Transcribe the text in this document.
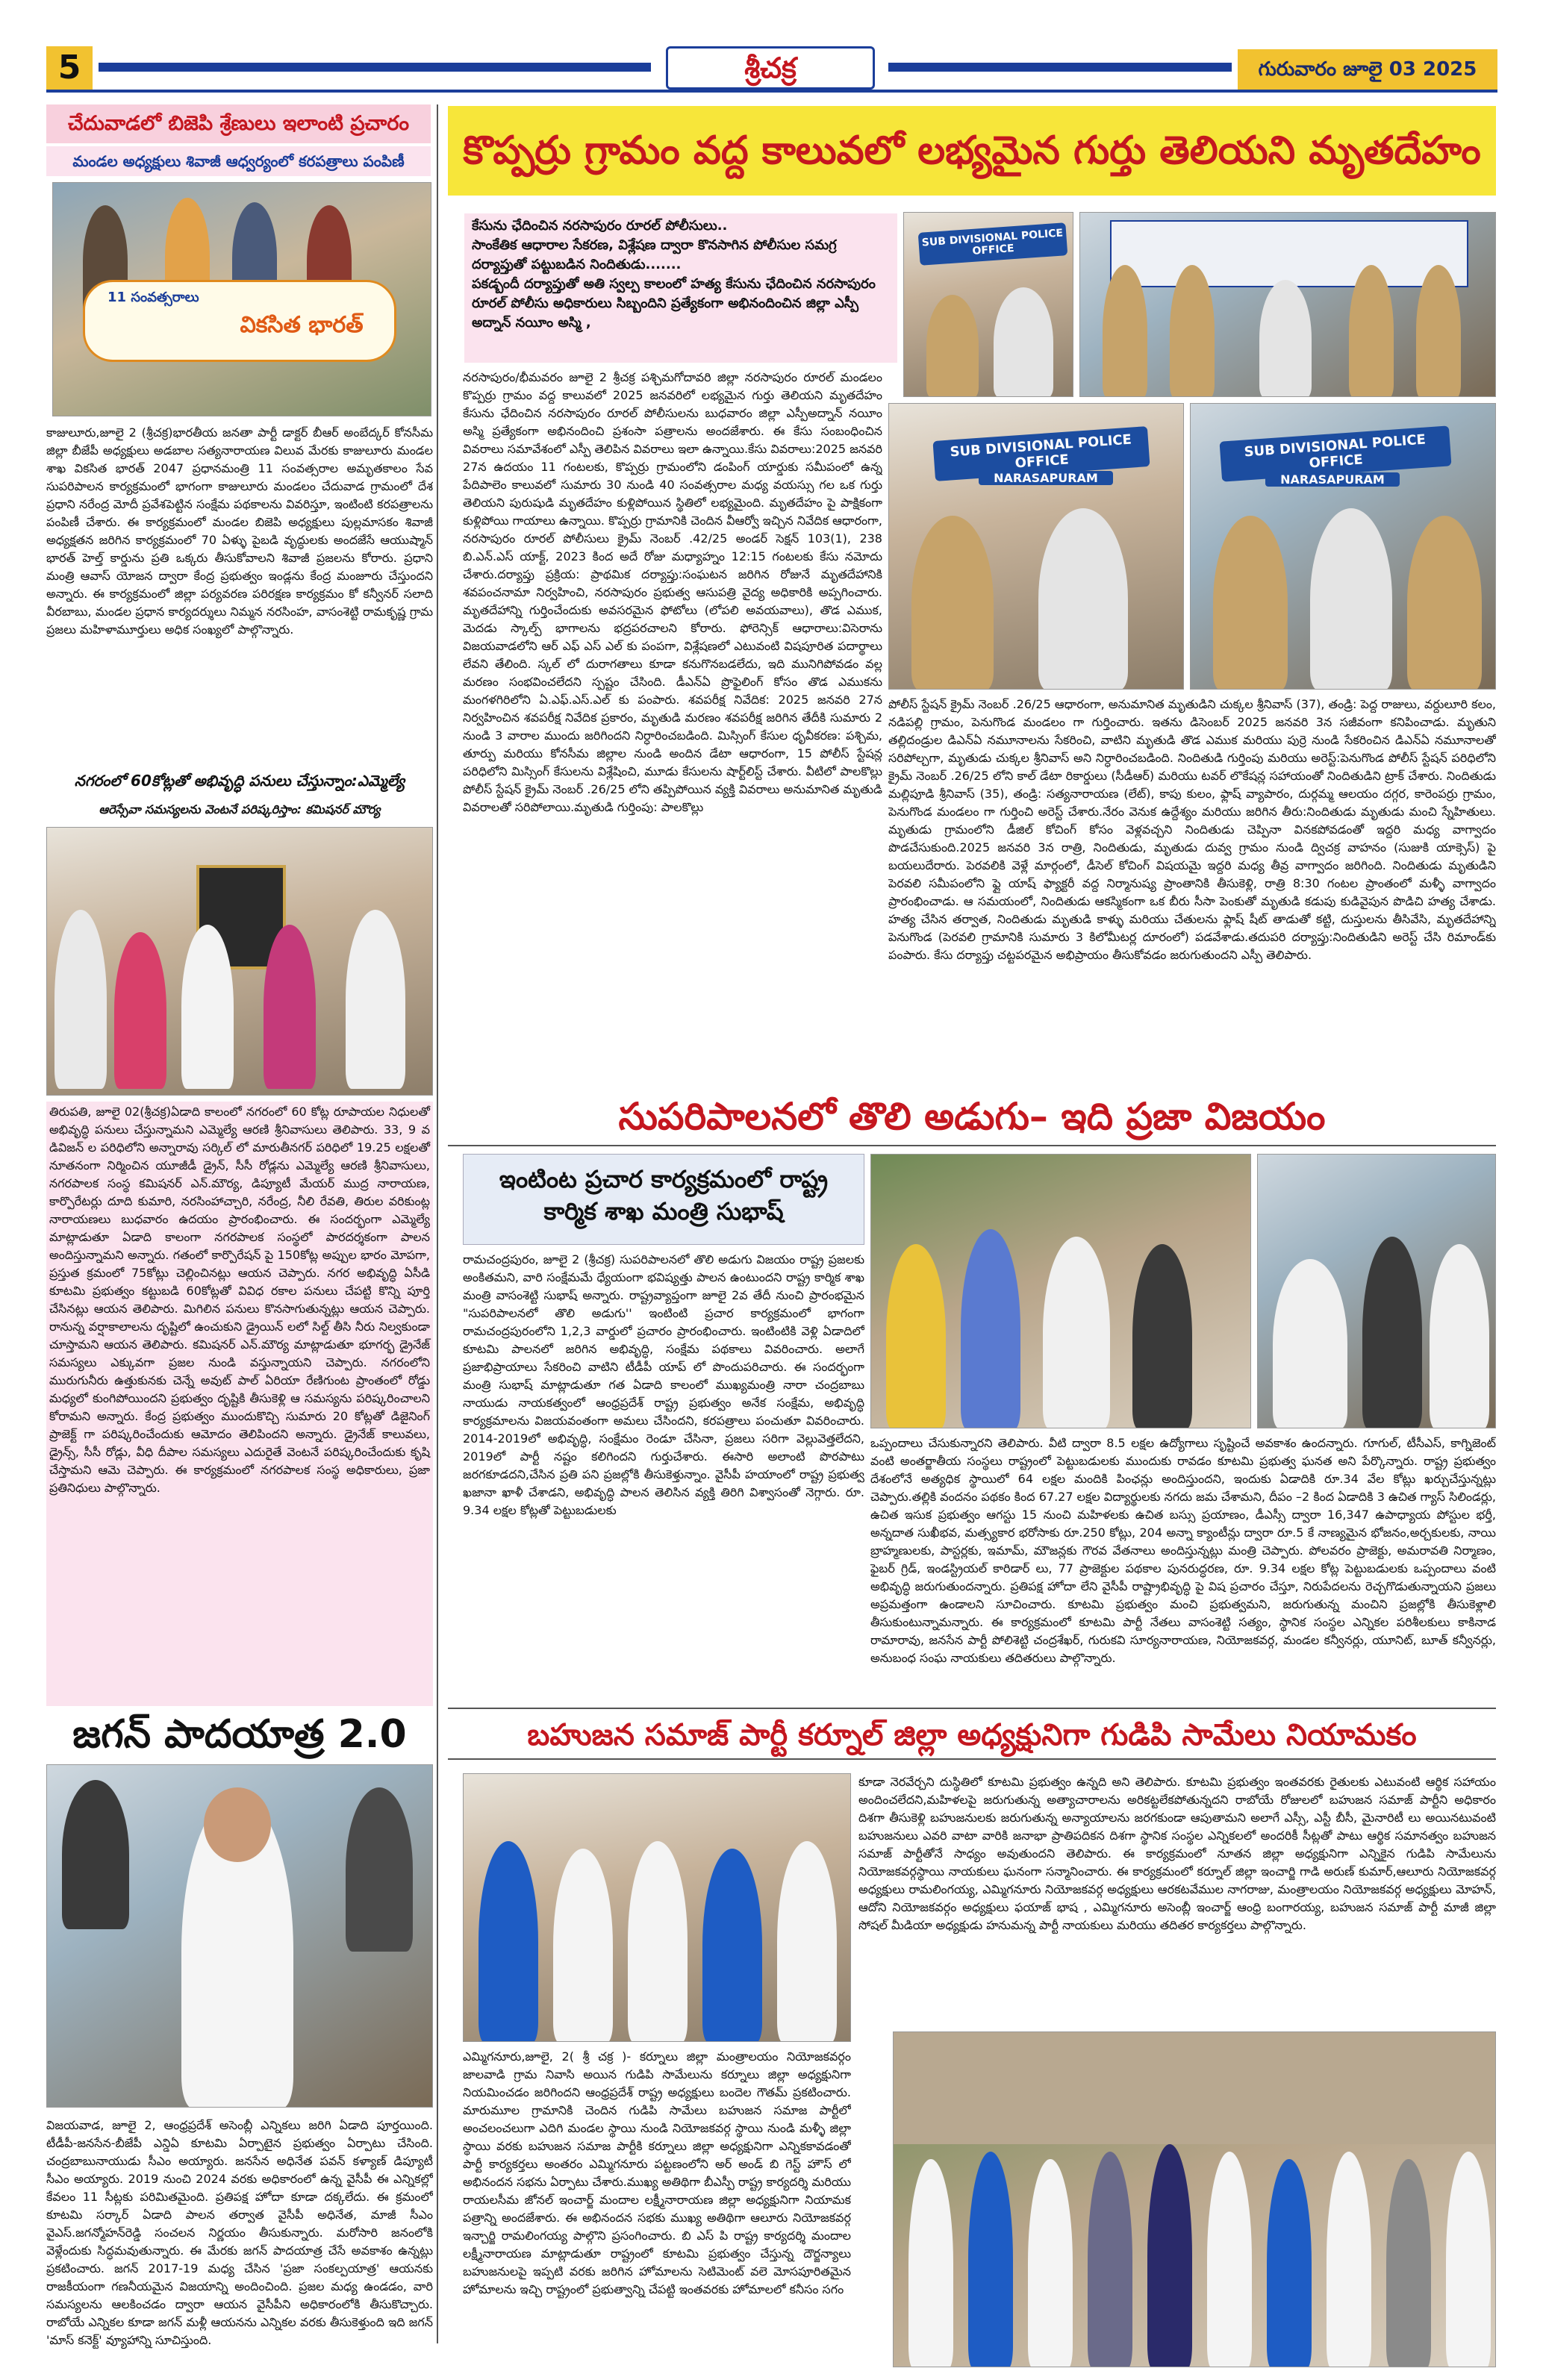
5	శ్రీచక్ర	గురువారం జూలై 03 2025
చేదువాడలో బిజెపి శ్రేణులు ఇలాంటి ప్రచారం
మండల అధ్యక్షులు శివాజీ ఆధ్వర్యంలో కరపత్రాలు పంపిణీ
11 సంవత్సరాలు
వికసిత భారత్
కాజులూరు,జూలై 2 (శ్రీచక్ర)భారతీయ జనతా పార్టీ డాక్టర్ బీఆర్ అంబేద్కర్ కోనసీమ జిల్లా బీజేపీ అధ్యక్షులు అడబాల సత్యనారాయణ విలువ మేరకు కాజులూరు మండల శాఖ వికసిత భారత్ 2047 ప్రధానమంత్రి 11 సంవత్సరాల అమృతకాలం సేవ సుపరిపాలన కార్యక్రమంలో భాగంగా కాజులూరు మండలం చేదువాడ గ్రామంలో దేశ ప్రధాని నరేంద్ర మోదీ ప్రవేశపెట్టిన సంక్షేమ పథకాలను వివరిస్తూ, ఇంటింటి కరపత్రాలను పంపిణీ చేశారు. ఈ కార్యక్రమంలో మండల బిజెపి అధ్యక్షులు పుల్లమాసకం శివాజీ అధ్యక్షతన జరిగిన కార్యక్రమంలో 70 ఏళ్ళు పైబడి వృద్ధులకు అందజేసే ఆయుష్మాన్ భారత్ హెల్త్ కార్డును ప్రతి ఒక్కరు తీసుకోవాలని శివాజీ ప్రజలను కోరారు. ప్రధాని మంత్రి ఆవాస్ యోజన ద్వారా కేంద్ర ప్రభుత్వం ఇండ్లను కేంద్ర మంజూరు చేస్తుందని అన్నారు. ఈ కార్యక్రమంలో జిల్లా పర్యవరణ పరిరక్షణ కార్యక్రమం కో కన్వీనర్ సలాది వీరబాబు, మండల ప్రధాన కార్యదర్శులు నిమ్మన నరసింహ, వాసంశెట్టి రామకృష్ణ గ్రామ ప్రజలు మహిళామూర్తులు అధిక సంఖ్యలో పాల్గొన్నారు.
నగరంలో 60కోట్లతో అభివృద్ధి పనులు చేస్తున్నాం:ఎమ్మెల్యే
ఆరెస్సేవా సమస్యలను వెంటనే పరిష్కరిస్తాం: కమిషనర్ మౌర్య
తిరుపతి, జూలై 02(శ్రీచక్ర)ఏడాది కాలంలో నగరంలో 60 కోట్ల రూపాయల నిధులతో అభివృద్ధి పనులు చేస్తున్నామని ఎమ్మెల్యే ఆరణి శ్రీనివాసులు తెలిపారు. 33, 9 వ డివిజన్ ల పరిధిలోని అన్నారావు సర్కిల్ లో మారుతీనగర్ పరిధిలో 19.25 లక్షలతో నూతనంగా నిర్మించిన యూజీడీ డ్రైన్, సీసీ రోడ్లను ఎమ్మెల్యే ఆరణి శ్రీనివాసులు, నగరపాలక సంస్థ కమిషనర్ ఎన్.మౌర్య, డిప్యూటీ మేయర్ ముద్ర నారాయణ, కార్పొరేటర్లు దూది కుమారి, నరసింహాచ్చారి, నరేంద్ర, నీలి రేవతి, తిరుల వరికుంట్ల నారాయణలు బుధవారం ఉదయం ప్రారంభించారు. ఈ సందర్భంగా ఎమ్మెల్యే మాట్లాడుతూ ఏడాది కాలంగా నగరపాలక సంస్థలో పారదర్శకంగా పాలన అందిస్తున్నామని అన్నారు. గతంలో కార్పొరేషన్ పై 150కోట్ల అప్పుల భారం మోపగా, ప్రస్తుత క్రమంలో 75కోట్లు చెల్లించినట్లు ఆయన చెప్పారు. నగర అభివృద్ధి ఏసీడి కూటమి ప్రభుత్వం కట్టుబడి 60కోట్లతో వివిధ రకాల పనులు చేపట్టి కొన్ని పూర్తి చేసినట్లు ఆయన తెలిపారు. మిగిలిన పనులు కొనసాగుతున్నట్లు ఆయన చెప్పారు. రానున్న వర్షాకాలాలను దృష్టిలో ఉంచుకుని డ్రైయిన్ లలో సిల్ట్ తీసి నీరు నిల్వకుండా చూస్తామని ఆయన తెలిపారు. కమిషనర్ ఎన్.మౌర్య మాట్లాడుతూ భూగర్భ డ్రైనేజ్ సమస్యలు ఎక్కువగా ప్రజల నుండి వస్తున్నాయని చెప్పారు. నగరంలోని మురుగునీరు ఉత్తుకునకు చెన్నే అవుట్ పాల్ ఏరియా రేణిగుంట ప్రాంతంలో రోడ్డు మధ్యలో కుంగిపోయిందని ప్రభుత్వం దృష్టికి తీసుకెళ్లి ఆ సమస్యను పరిష్కరించాలని కోరామని అన్నారు. కేంద్ర ప్రభుత్వం ముందుకొచ్చి సుమారు 20 కోట్లతో డిజైనింగ్ ప్రాజెక్ట్ గా పరిష్కరించేందుకు ఆమోదం తెలిపిందని అన్నారు. డ్రైనేజ్ కాలువలు, డ్రైన్స్, సీసీ రోడ్లు, వీధి దీపాల సమస్యలు ఎదురైతే వెంటనే పరిష్కరించేందుకు కృషి చేస్తామని ఆమె చెప్పారు. ఈ కార్యక్రమంలో నగరపాలక సంస్థ అధికారులు, ప్రజా ప్రతినిధులు పాల్గొన్నారు.
జగన్ పాదయాత్ర 2.0
విజయవాడ, జూలై 2, ఆంధ్రప్రదేశ్ అసెంబ్లీ ఎన్నికలు జరిగి ఏడాది పూర్తయింది. టీడీపీ-జనసేన-బీజేపీ ఎన్డిఏ కూటమి ఏర్పాటైన ప్రభుత్వం ఏర్పాటు చేసింది. చంద్రబాబునాయుడు సీఎం అయ్యారు. జనసేన అధినేత పవన్ కళ్యాణ్ డిప్యూటీ సీఎం అయ్యారు. 2019 నుంచి 2024 వరకు అధికారంలో ఉన్న వైసీపీ ఈ ఎన్నికల్లో కేవలం 11 సీట్లకు పరిమితమైంది. ప్రతిపక్ష హోదా కూడా దక్కలేదు. ఈ క్రమంలో కూటమి సర్కార్ ఏడాది పాలన తర్వాత వైసీపీ అధినేత, మాజీ సీఎం వైఎస్.జగన్మోహన్‌రెడ్డి సంచలన నిర్ణయం తీసుకున్నారు. మరోసారి జనంలోకి వెళ్లేందుకు సిద్ధమవుతున్నారు. ఈ మేరకు జగన్ పాదయాత్ర చేసే అవకాశం ఉన్నట్లు ప్రకటించారు. జగన్ 2017-19 మధ్య చేసిన 'ప్రజా సంకల్పయాత్ర' ఆయనకు రాజకీయంగా గణనీయమైన విజయాన్ని అందించింది. ప్రజల మధ్య ఉండడం, వారి సమస్యలను ఆలకించడం ద్వారా ఆయన వైసీపీని అధికారంలోకి తీసుకొచ్చారు. రాబోయే ఎన్నికల కూడా జగన్ మళ్లీ ఆయనను ఎన్నికల వరకు తీసుకెళ్తుంది ఇది జగన్ 'మాస్ కనెక్ట్' వ్యూహాన్ని సూచిస్తుంది.
కొప్పర్రు గ్రామం వద్ద కాలువలో లభ్యమైన గుర్తు తెలియని మృతదేహం
కేసును ఛేదించిన నరసాపురం రూరల్ పోలీసులు..
సాంకేతిక ఆధారాల సేకరణ, విశ్లేషణ ద్వారా కొనసాగిన పోలీసుల సమగ్ర దర్యాప్తుతో పట్టుబడిన నిందితుడు.......
పకడ్బందీ దర్యాప్తుతో అతి స్వల్ప కాలంలో హత్య కేసును ఛేదించిన నరసాపురం రూరల్ పోలీసు అధికారులు సిబ్బందిని ప్రత్యేకంగా అభినందించిన జిల్లా ఎస్పీ అద్నాన్ నయీం అస్మి ,
SUB DIVISIONAL POLICE OFFICE
SUB DIVISIONAL POLICE OFFICE
NARASAPURAM
SUB DIVISIONAL POLICE OFFICE
NARASAPURAM
నరసాపురం/భీమవరం జూలై 2 శ్రీచక్ర పశ్చిమగోదావరి జిల్లా నరసాపురం రూరల్ మండలం కొప్పర్రు గ్రామం వద్ద కాలువలో 2025 జనవరిలో లభ్యమైన గుర్తు తెలియని మృతదేహం కేసును ఛేదించిన నరసాపురం రూరల్ పోలీసులను బుధవారం జిల్లా ఎస్పీఅద్నాన్ నయీం అస్మి ప్రత్యేకంగా అభినందించి ప్రశంసా పత్రాలను అందజేశారు. ఈ కేసు సంబంధించిన వివరాలు సమావేశంలో ఎస్పీ తెలిపిన వివరాలు ఇలా ఉన్నాయి.కేసు వివరాలు:2025 జనవరి 27న ఉదయం 11 గంటలకు, కొప్పర్రు గ్రామంలోని డంపింగ్ యార్డుకు సమీపంలో ఉన్న పేదిపాలెం కాలువలో సుమారు 30 నుండి 40 సంవత్సరాల మధ్య వయస్సు గల ఒక గుర్తు తెలియని పురుషుడి మృతదేహం కుళ్లిపోయిన స్థితిలో లభ్యమైంది. మృతదేహం పై పాక్షికంగా కుళ్లిపోయి గాయాలు ఉన్నాయి. కొప్పర్రు గ్రామానికి చెందిన వీఆర్వో ఇచ్చిన నివేదిక ఆధారంగా, నరసాపురం రూరల్ పోలీసులు క్రైమ్ నెంబర్ .42/25 అండర్ సెక్షన్ 103(1), 238 బి.ఎన్.ఎస్ యాక్ట్, 2023 కింద అదే రోజు మధ్యాహ్నం 12:15 గంటలకు కేసు నమోదు చేశారు.దర్యాప్తు ప్రక్రియ: ప్రాథమిక దర్యాప్తు:సంఘటన జరిగిన రోజునే మృతదేహానికి శవపంచనామా నిర్వహించి, నరసాపురం ప్రభుత్వ ఆసుపత్రి వైద్య అధికారికి అప్పగించారు. మృతదేహాన్ని గుర్తించేందుకు అవసరమైన ఫోటోలు (లోపలి అవయవాలు), తొడ ఎముక, మెదడు స్కాల్ప్ భాగాలను భద్రపరచాలని కోరారు. ఫోరెన్సిక్ ఆధారాలు:విసెరాను విజయవాడలోని ఆర్ ఎఫ్ ఎస్ ఎల్ కు పంపగా, విశ్లేషణలో ఎటువంటి విషపూరిత పదార్థాలు లేవని తేలింది. స్కల్ లో దురాగతాలు కూడా కనుగొనబడలేదు, ఇది మునిగిపోవడం వల్ల మరణం సంభవించలేదని స్పష్టం చేసింది. డీఎన్ఏ ప్రొఫైలింగ్ కోసం తొడ ఎముకను మంగళగిరిలోని ఏ.ఎఫ్.ఎస్.ఎల్ కు పంపారు. శవపరీక్ష నివేదిక: 2025 జనవరి 27న నిర్వహించిన శవపరీక్ష నివేదిక ప్రకారం, మృతుడి మరణం శవపరీక్ష జరిగిన తేదీకి సుమారు 2 నుండి 3 వారాల ముందు జరిగిందని నిర్ధారించబడింది. మిస్సింగ్ కేసుల ధృవీకరణ: పశ్చిమ, తూర్పు మరియు కోనసీమ జిల్లాల నుండి అందిన డేటా ఆధారంగా, 15 పోలీస్ స్టేషన్ల పరిధిలోని మిస్సింగ్ కేసులను విశ్లేషించి, మూడు కేసులను షార్ట్‌లిస్ట్ చేశారు. వీటిలో పాలకొల్లు పోలీస్ స్టేషన్ క్రైమ్ నెంబర్ .26/25 లోని తప్పిపోయిన వ్యక్తి వివరాలు అనుమానిత మృతుడి వివరాలతో సరిపోలాయి.మృతుడి గుర్తింపు: పాలకొల్లు
పోలీస్ స్టేషన్ క్రైమ్ నెంబర్ .26/25 ఆధారంగా, అనుమానిత మృతుడిని చుక్కల శ్రీనివాస్ (37), తండ్రి: పెద్ద రాజులు, వర్దులూరి కలం, నడిపల్లి గ్రామం, పెనుగొండ మండలం గా గుర్తించారు. ఇతను డిసెంబర్ 2025 జనవరి 3న సజీవంగా కనిపించాడు. మృతుని తల్లిదండ్రుల డిఎన్ఏ నమూనాలను సేకరించి, వాటిని మృతుడి తొడ ఎముక మరియు పుర్రె నుండి సేకరించిన డిఎన్ఏ నమూనాలతో సరిపోల్చగా, మృతుడు చుక్కల శ్రీనివాస్ అని నిర్ధారించబడింది. నిందితుడి గుర్తింపు మరియు అరెస్ట్:పెనుగొండ పోలీస్ స్టేషన్ పరిధిలోని క్రైమ్ నెంబర్ .26/25 లోని కాల్ డేటా రికార్డులు (సీడీఆర్) మరియు టవర్ లొకేషన్ల సహాయంతో నిందితుడిని ట్రాక్ చేశారు. నిందితుడు మల్లిపూడి శ్రీనివాస్ (35), తండ్రి: సత్యనారాయణ (లేట్), కాపు కులం, ఫ్లాష్ వ్యాపారం, దుర్గమ్మ ఆలయం దగ్గర, కారెంపర్రు గ్రామం, పెనుగొండ మండలం గా గుర్తించి అరెస్ట్ చేశారు.నేరం వెనుక ఉద్దేశ్యం మరియు జరిగిన తీరు:నిందితుడు మృతుడు మంచి స్నేహితులు. మృతుడు గ్రామంలోని డీజిల్ కోచింగ్ కోసం వెళ్లవచ్చని నిందితుడు చెప్పినా వినకపోవడంతో ఇద్దరి మధ్య వాగ్వాదం పొడచేసుకుంది.2025 జనవరి 3న రాత్రి, నిందితుడు, మృతుడు దువ్వ గ్రామం నుండి ద్విచక్ర వాహనం (సుజుకి యాక్సెస్) పై బయలుదేరారు. పెరవలికి వెళ్లే మార్గంలో, డీసెల్ కోచింగ్ విషయమై ఇద్దరి మధ్య తీవ్ర వాగ్వాదం జరిగింది. నిందితుడు మృతుడిని పెరవలి సమీపంలోని ఫ్లై యాష్ ఫ్యాక్టరీ వద్ద నిర్మానుష్య ప్రాంతానికి తీసుకెళ్లి, రాత్రి 8:30 గంటల ప్రాంతంలో మళ్ళీ వాగ్వాదం ప్రారంభించాడు. ఆ సమయంలో, నిందితుడు ఆకస్మికంగా ఒక బీరు సీసా పెంకుతో మృతుడి కడుపు కుడివైపున పొడిచి హత్య చేశాడు. హత్య చేసిన తర్వాత, నిందితుడు మృతుడి కాళ్ళు మరియు చేతులను ఫ్లాష్ షీట్ తాడుతో కట్టి, దుస్తులను తీసివేసి, మృతదేహాన్ని పెనుగొండ (పెరవలి గ్రామానికి సుమారు 3 కిలోమీటర్ల దూరంలో) పడవేశాడు.తదుపరి దర్యాప్తు:నిందితుడిని అరెస్ట్ చేసి రిమాండ్‌కు పంపారు. కేసు దర్యాప్తు చట్టపరమైన అభిప్రాయం తీసుకోవడం జరుగుతుందని ఎస్పీ తెలిపారు.
సుపరిపాలనలో తొలి అడుగు– ఇది ప్రజా విజయం
ఇంటింట ప్రచార కార్యక్రమంలో రాష్ట్ర కార్మిక శాఖ మంత్రి సుభాష్
రామచంద్రపురం, జూలై 2 (శ్రీచక్ర) సుపరిపాలనలో తొలి అడుగు విజయం రాష్ట్ర ప్రజలకు అంకితమని, వారి సంక్షేమమే ధ్యేయంగా భవిష్యత్తు పాలన ఉంటుందని రాష్ట్ర కార్మిక శాఖ మంత్రి వాసంశెట్టి సుభాష్ అన్నారు. రాష్ట్రవ్యాప్తంగా జూలై 2వ తేదీ నుంచి ప్రారంభమైన "సుపరిపాలనలో తొలి అడుగు'' ఇంటింటి ప్రచార కార్యక్రమంలో భాగంగా రామచంద్రపురంలోని 1,2,3 వార్డులో ప్రచారం ప్రారంభించారు. ఇంటింటికి వెళ్లి ఏడాదిలో కూటమి పాలనలో జరిగిన అభివృద్ధి, సంక్షేమ పథకాలు వివరించారు. అలాగే ప్రజాభిప్రాయాలు సేకరించి వాటిని టీడీపీ యాప్ లో పొందుపరిచారు. ఈ సందర్భంగా మంత్రి సుభాష్ మాట్లాడుతూ గత ఏడాది కాలంలో ముఖ్యమంత్రి నారా చంద్రబాబు నాయుడు నాయకత్వంలో ఆంధ్రప్రదేశ్ రాష్ట్ర ప్రభుత్వం అనేక సంక్షేమ, అభివృద్ధి కార్యక్రమాలను విజయవంతంగా అమలు చేసిందని, కరపత్రాలు పంచుతూ వివరించారు. 2014-2019లో అభివృద్ధి, సంక్షేమం రెండూ చేసినా, ప్రజలు సరిగా వెల్లువెత్తలేదని, 2019లో పార్టీ నష్టం కలిగిందని గుర్తుచేశారు. ఈసారి అలాంటి పొరపాటు జరగకూడదని,చేసిన ప్రతి పని ప్రజల్లోకి తీసుకెళ్తున్నాం. వైసీపీ హయాంలో రాష్ట్ర ప్రభుత్వ ఖజానా ఖాళీ చేశాడని, అభివృద్ధి పాలన తెలిసిన వ్యక్తి తిరిగి విశ్వాసంతో నెగ్గారు. రూ. 9.34 లక్షల కోట్లతో పెట్టుబడులకు
ఒప్పందాలు చేసుకున్నారని తెలిపారు. వీటి ద్వారా 8.5 లక్షల ఉద్యోగాలు సృష్టించే అవకాశం ఉందన్నారు. గూగుల్, టీసీఎస్, కాగ్నిజెంట్ వంటి అంతర్జాతీయ సంస్థలు రాష్ట్రంలో పెట్టుబడులకు ముందుకు రావడం కూటమి ప్రభుత్వ ఘనత అని పేర్కొన్నారు. రాష్ట్ర ప్రభుత్వం దేశంలోనే అత్యధిక స్థాయిలో 64 లక్షల మందికి పింఛన్లు అందిస్తుందని, ఇందుకు ఏడాదికి రూ.34 వేల కోట్లు ఖర్చుచేస్తున్నట్లు చెప్పారు.తల్లికి వందనం పథకం కింద 67.27 లక్షల విద్యార్థులకు నగదు జమ చేశామని, దీపం –2 కింద ఏడాదికి 3 ఉచిత గ్యాస్ సిలిండర్లు, ఉచిత ఇసుక ప్రభుత్వం ఆగస్టు 15 నుంచి మహిళలకు ఉచిత బస్సు ప్రయాణం, డీఎస్సీ ద్వారా 16,347 ఉపాధ్యాయ పోస్టుల భర్తీ, అన్నదాత సుఖీభవ, మత్స్యకార భరోసాకు రూ.250 కోట్లు, 204 అన్నా క్యాంటీన్లు ద్వారా రూ.5 కే నాణ్యమైన భోజనం,అర్చకులకు, నాయి బ్రాహ్మణులకు, పాస్టర్లకు, ఇమామ్, మౌజన్లకు గౌరవ వేతనాలు అందిస్తున్నట్లు మంత్రి చెప్పారు. పోలవరం ప్రాజెక్టు, అమరావతి నిర్మాణం, ఫైబర్ గ్రిడ్, ఇండస్ట్రియల్ కారిడార్ లు, 77 ప్రాజెక్టుల పథకాల పునరుద్ధరణ, రూ. 9.34 లక్షల కోట్ల పెట్టుబడులకు ఒప్పందాలు వంటి అభివృద్ధి జరుగుతుందన్నారు. ప్రతిపక్ష హోదా లేని వైసీపీ రాష్ట్రాభివృద్ధి పై విష ప్రచారం చేస్తూ, నిరుపేదలను రెచ్చగొడుతున్నాయని ప్రజలు అప్రమత్తంగా ఉండాలని సూచించారు. కూటమి ప్రభుత్వం మంచి ప్రభుత్వమని, జరుగుతున్న మంచిని ప్రజల్లోకి తీసుకెళ్లాలి తీసుకుంటున్నామన్నారు. ఈ కార్యక్రమంలో కూటమి పార్టీ నేతలు వాసంశెట్టి సత్యం, స్థానిక సంస్థల ఎన్నికల పరిశీలకులు కాకినాడ రామారావు, జనసేన పార్టీ పోలిశెట్టి చంద్రశేఖర్, గురుకవి సూర్యనారాయణ, నియోజకవర్గ, మండల కన్వీనర్లు, యూనిట్, బూత్ కన్వీనర్లు, అనుబంధ సంఘ నాయకులు తదితరులు పాల్గొన్నారు.
బహుజన సమాజ్ పార్టీ కర్నూల్ జిల్లా అధ్యక్షునిగా గుడిపి సామేలు నియామకం
ఎమ్మిగనూరు,జూలై, 2( శ్రీ చక్ర )- కర్నూలు జిల్లా మంత్రాలయం నియోజకవర్గం జాలవాడి గ్రామ నివాసి అయిన గుడిపి సామేలును కర్నూలు జిల్లా అధ్యక్షునిగా నియమించడం జరిగిందని ఆంధ్రప్రదేశ్ రాష్ట్ర అధ్యక్షులు బందెల గౌతమ్ ప్రకటించారు. మారుమూల గ్రామానికి చెందిన గుడిపి సామేలు బహుజన సమాజ పార్టీలో అంచలంచలుగా ఎదిగి మండల స్థాయి నుండి నియోజకవర్గ స్థాయి నుండి మళ్ళీ జిల్లా స్థాయి వరకు బహుజన సమాజ పార్టీకి కర్నూలు జిల్లా అధ్యక్షునిగా ఎన్నికకావడంతో పార్టీ కార్యకర్తలు అంతరం ఎమ్మిగనూరు పట్టణంలోని అర్ అండ్ బి గెస్ట్ హౌస్ లో అభినందన సభను ఏర్పాటు చేశారు.ముఖ్య అతిథిగా బీఎస్పీ రాష్ట్ర కార్యదర్శి మరియు రాయలసీమ జోనల్ ఇంచార్జ్ మందాల లక్ష్మీనారాయణ జిల్లా అధ్యక్షునిగా నియామక పత్రాన్ని అందజేశారు. ఈ అభినందన సభకు ముఖ్య అతిథిగా ఆలూరు నియోజకవర్గ ఇన్చార్జి రామలింగయ్య పాల్గొని ప్రసంగించారు. బి ఎస్ పి రాష్ట్ర కార్యదర్శి మందాల లక్ష్మీనారాయణ మాట్లాడుతూ రాష్ట్రంలో కూటమి ప్రభుత్వం చేస్తున్న దౌర్జన్యాలు బహుజనులపై ఇప్పటి వరకు జరిగిన హోమాలను సెటిమెంట్ వలె మోసపూరితమైన హోమాలను ఇచ్చి రాష్ట్రంలో ప్రభుత్వాన్ని చేపట్టి ఇంతవరకు హోమాలలో కనీసం సగం
కూడా నెరవేర్చని దుస్థితిలో కూటమి ప్రభుత్వం ఉన్నది అని తెలిపారు. కూటమి ప్రభుత్వం ఇంతవరకు రైతులకు ఎటువంటి ఆర్థిక సహాయం అందించలేదని,మహిళలపై జరుగుతున్న అత్యాచారాలను అరికట్టలేకపోతున్నదని రాబోయే రోజులలో బహుజన సమాజ్ పార్టీని అధికారం దిశగా తీసుకెళ్లి బహుజనులకు జరుగుతున్న అన్యాయాలను జరగకుండా ఆపుతామని అలాగే ఎస్సీ, ఎస్టీ బీసీ, మైనారిటీ లు అయినటువంటి బహుజనులు ఎవరి వాటా వారికి జనాభా ప్రాతిపదికన దిశగా స్థానిక సంస్థల ఎన్నికలలో అందరికీ సీట్లతో పాటు ఆర్థిక సమానత్వం బహుజన సమాజ్ పార్టీతోనే సాధ్యం అవుతుందని తెలిపారు. ఈ కార్యక్రమంలో నూతన జిల్లా అధ్యక్షునిగా ఎన్నికైన గుడిపి సామేలును నియోజకవర్గస్థాయి నాయకులు ఘనంగా సన్మానించారు. ఈ కార్యక్రమంలో కర్నూల్ జిల్లా ఇంచార్జి గాడి అరుణ్ కుమార్,ఆలూరు నియోజకవర్గ అధ్యక్షులు రామలింగయ్య, ఎమ్మిగనూరు నియోజకవర్గ అధ్యక్షులు ఆరకటవేముల నాగరాజు, మంత్రాలయం నియోజకవర్గ అధ్యక్షులు మోహన్, ఆదోని నియోజకవర్గం అధ్యక్షులు ఫయాజ్ భాష , ఎమ్మిగనూరు అసెంబ్లీ ఇంచార్జ్ ఆంధ్రి బంగారయ్య, బహుజన సమాజ్ పార్టీ మాజీ జిల్లా సోషల్ మీడియా అధ్యక్షుడు హనుమన్న పార్టీ నాయకులు మరియు తదితర కార్యకర్తలు పాల్గొన్నారు.
